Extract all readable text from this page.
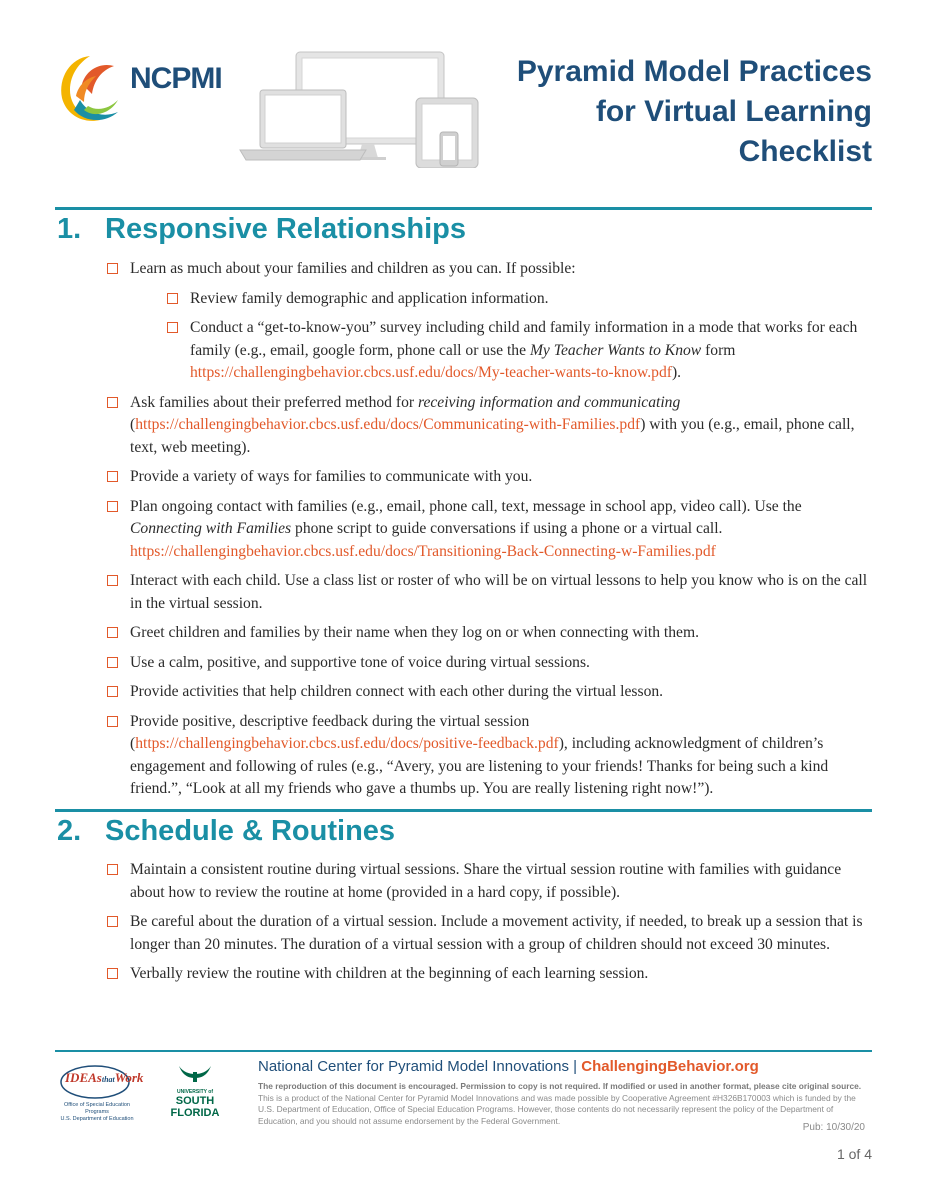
NCPMI	Pyramid Model Practices
for Virtual Learning
Checklist
1. Responsive Relationships
Learn as much about your families and children as you can. If possible:
Review family demographic and application information.
Conduct a “get-to-know-you” survey including child and family information in a mode that works for each family (e.g., email, google form, phone call or use the My Teacher Wants to Know form https://challengingbehavior.cbcs.usf.edu/docs/My-teacher-wants-to-know.pdf).
Ask families about their preferred method for receiving information and communicating
(https://challengingbehavior.cbcs.usf.edu/docs/Communicating-with-Families.pdf) with you (e.g., email, phone call, text, web meeting).
Provide a variety of ways for families to communicate with you.
Plan ongoing contact with families (e.g., email, phone call, text, message in school app, video call). Use the Connecting with Families phone script to guide conversations if using a phone or a virtual call. https://challengingbehavior.cbcs.usf.edu/docs/Transitioning-Back-Connecting-w-Families.pdf
Interact with each child. Use a class list or roster of who will be on virtual lessons to help you know who is on the call in the virtual session.
Greet children and families by their name when they log on or when connecting with them.
Use a calm, positive, and supportive tone of voice during virtual sessions.
Provide activities that help children connect with each other during the virtual lesson.
Provide positive, descriptive feedback during the virtual session (https://challengingbehavior.cbcs.usf.edu/docs/positive-feedback.pdf), including acknowledgment of children’s engagement and following of rules (e.g., “Avery, you are listening to your friends! Thanks for being such a kind friend.”, “Look at all my friends who gave a thumbs up. You are really listening right now!”).
2. Schedule & Routines
Maintain a consistent routine during virtual sessions. Share the virtual session routine with families with guidance about how to review the routine at home (provided in a hard copy, if possible).
Be careful about the duration of a virtual session. Include a movement activity, if needed, to break up a session that is longer than 20 minutes. The duration of a virtual session with a group of children should not exceed 30 minutes.
Verbally review the routine with children at the beginning of each learning session.
IDEAsthatWork
Office of Special Education Programs
U.S. Department of Education
UNIVERSITY of
SOUTH
FLORIDA
National Center for Pyramid Model Innovations | ChallengingBehavior.org
The reproduction of this document is encouraged. Permission to copy is not required. If modified or used in another format, please cite original source. This is a product of the National Center for Pyramid Model Innovations and was made possible by Cooperative Agreement #H326B170003 which is funded by the U.S. Department of Education, Office of Special Education Programs. However, those contents do not necessarily represent the policy of the Department of Education, and you should not assume endorsement by the Federal Government.
Pub: 10/30/20
1 of 4
